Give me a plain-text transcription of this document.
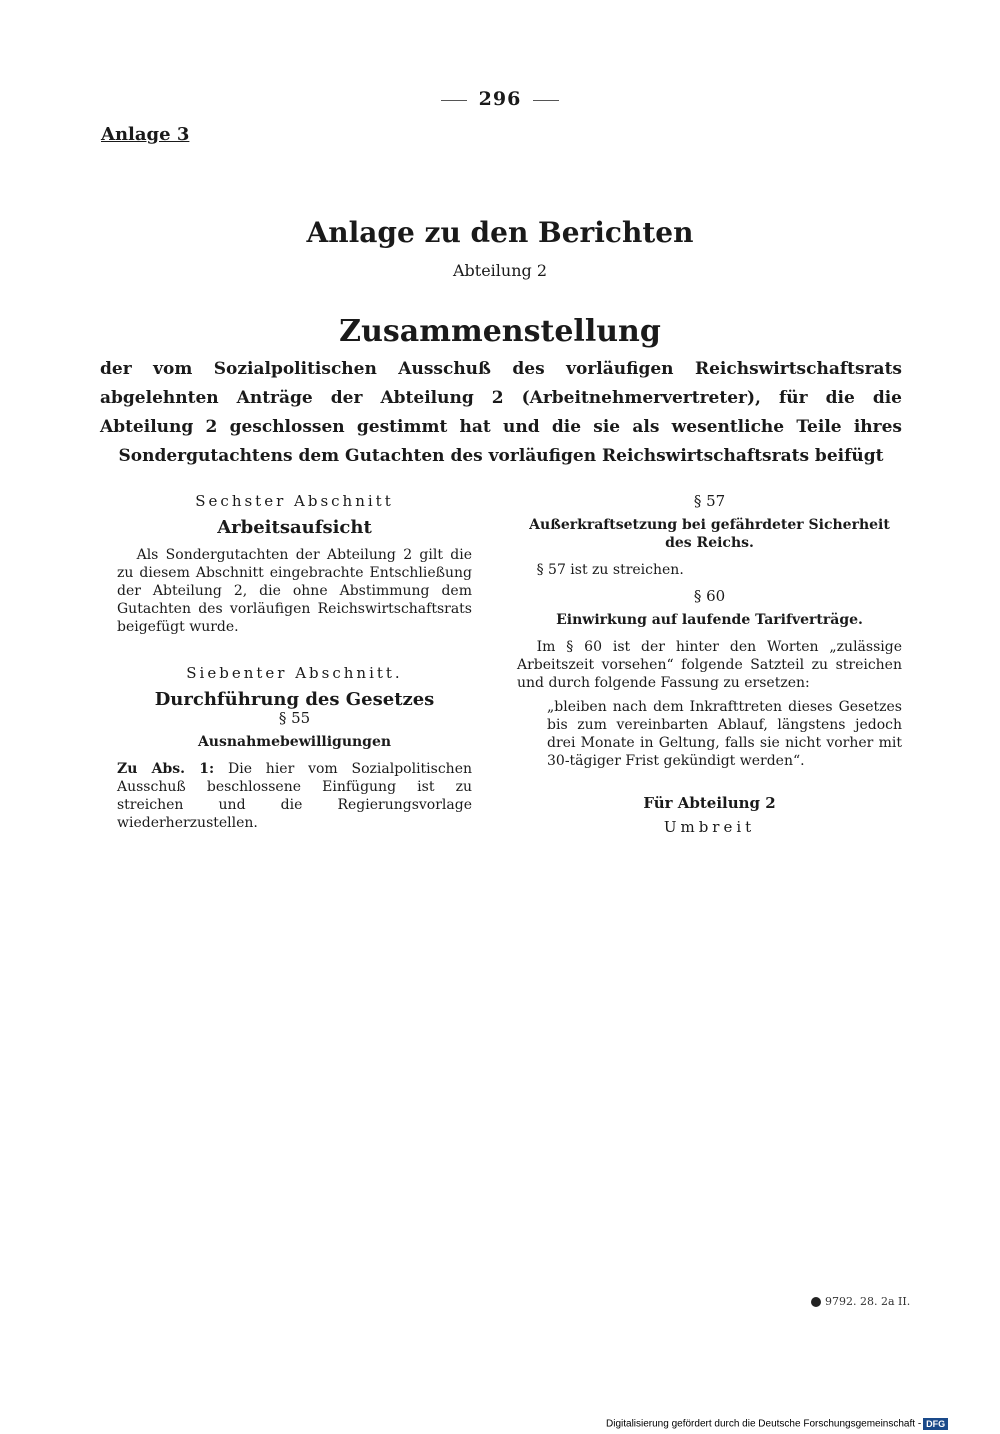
296
Anlage 3
Anlage zu den Berichten
Abteilung 2
Zusammenstellung
der vom Sozialpolitischen Ausschuß des vorläufigen Reichswirtschaftsrats abgelehnten Anträge der Abteilung 2 (Arbeitnehmervertreter), für die die Abteilung 2 geschlossen gestimmt hat und die sie als wesentliche Teile ihres Sondergutachtens dem Gutachten des vorläufigen Reichswirtschaftsrats beifügt
Sechster Abschnitt
Arbeitsaufsicht
Als Sondergutachten der Abteilung 2 gilt die zu diesem Abschnitt eingebrachte Entschließung der Abteilung 2, die ohne Abstimmung dem Gutachten des vorläufigen Reichswirtschaftsrats beigefügt wurde.
Siebenter Abschnitt.
Durchführung des Gesetzes
§ 55
Ausnahmebewilligungen
Zu Abs. 1: Die hier vom Sozialpolitischen Ausschuß beschlossene Einfügung ist zu streichen und die Regierungsvorlage wiederherzustellen.
§ 57
Außerkraftsetzung bei gefährdeter Sicherheit des Reichs.
§ 57 ist zu streichen.
§ 60
Einwirkung auf laufende Tarifverträge.
Im § 60 ist der hinter den Worten „zulässige Arbeitszeit vorsehen“ folgende Satzteil zu streichen und durch folgende Fassung zu ersetzen:
„bleiben nach dem Inkrafttreten dieses Gesetzes bis zum vereinbarten Ablauf, längstens jedoch drei Monate in Geltung, falls sie nicht vorher mit 30-tägiger Frist gekündigt werden“.
Für Abteilung 2
Umbreit
9792. 28. 2a II.
Digitalisierung gefördert durch die Deutsche Forschungsgemeinschaft - DFG
